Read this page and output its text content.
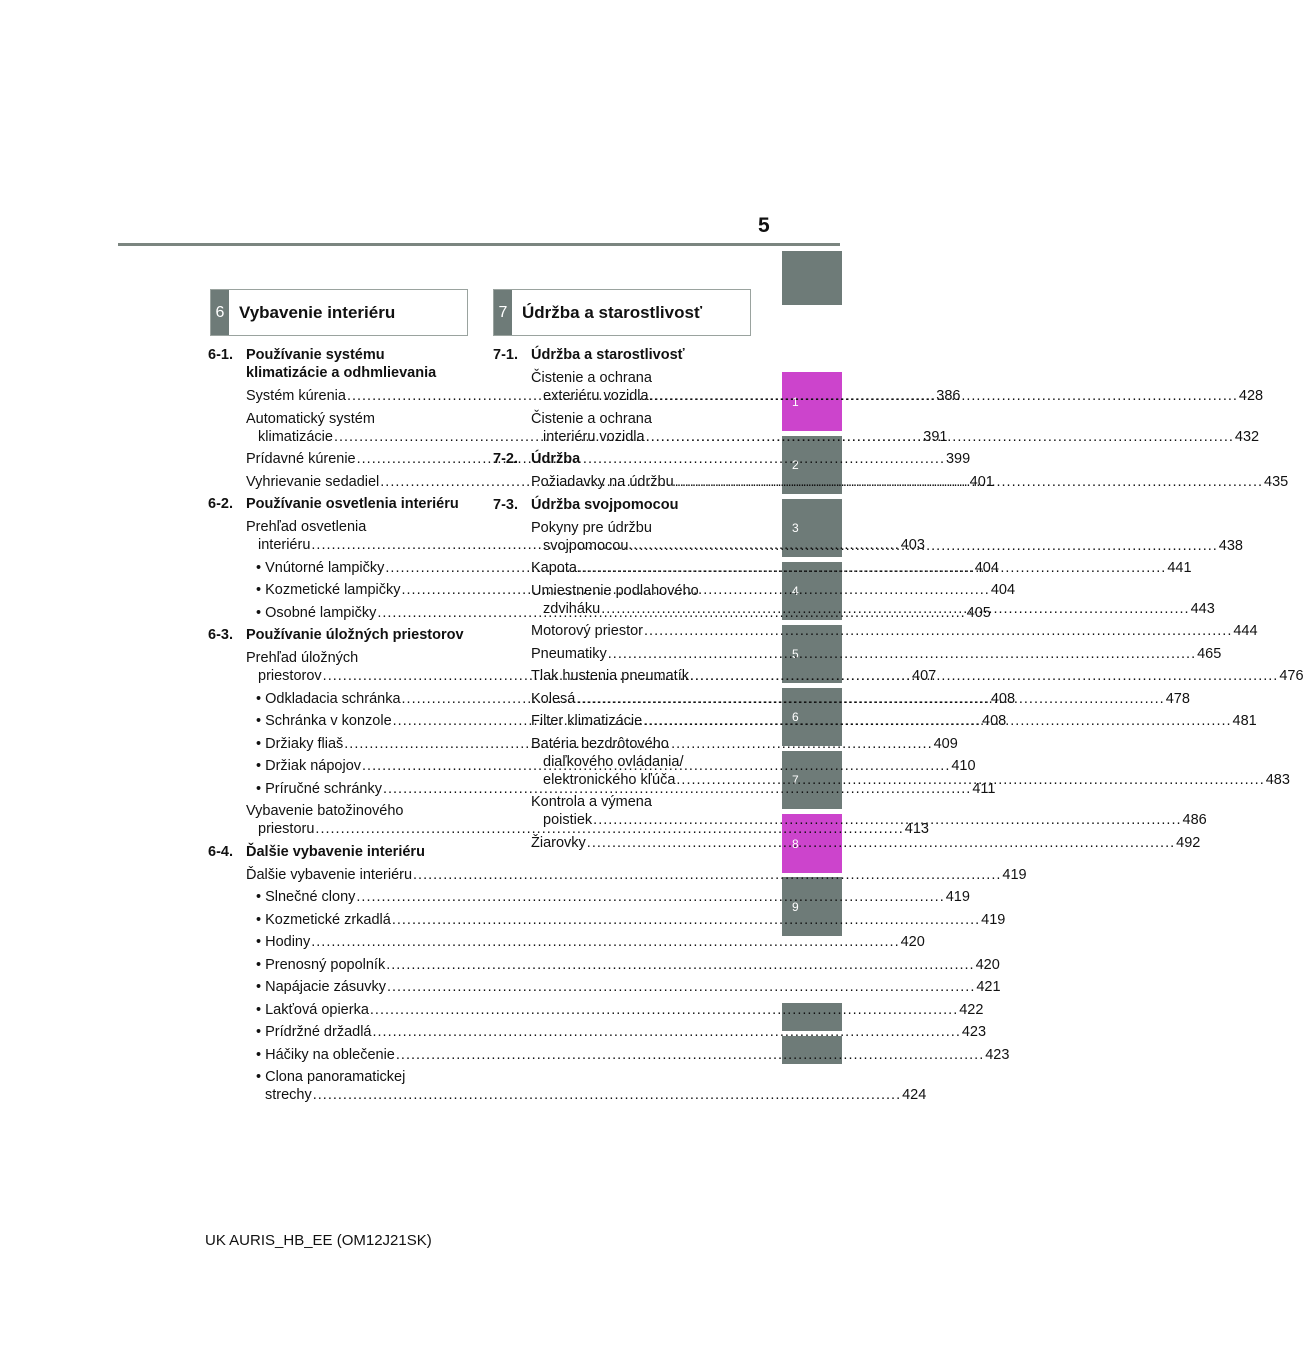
5
1
2
3
4
5
6
7
8
9
6 Vybavenie interiéru	7 Údržba a starostlivosť
6-1. Používanie systému klimatizácie a odhmlievania
Systém kúrenia .....	386
Automatický systém
klimatizácie .....	391
Prídavné kúrenie .....	399
Vyhrievanie sedadiel .....	401
6-2. Používanie osvetlenia interiéru
Prehľad osvetlenia
interiéru .....	403
• Vnútorné lampičky .....	404
• Kozmetické lampičky .....	404
• Osobné lampičky .....	405
6-3. Používanie úložných priestorov
Prehľad úložných
priestorov .....	407
• Odkladacia schránka .....	408
• Schránka v konzole .....	408
• Držiaky fliaš .....	409
• Držiak nápojov .....	410
• Príručné schránky .....	411
Vybavenie batožinového
priestoru .....	413
6-4. Ďalšie vybavenie interiéru
Ďalšie vybavenie interiéru .....	419
• Slnečné clony .....	419
• Kozmetické zrkadlá .....	419
• Hodiny .....	420
• Prenosný popolník .....	420
• Napájacie zásuvky .....	421
• Lakťová opierka .....	422
• Prídržné držadlá .....	423
• Háčiky na oblečenie .....	423
• Clona panoramatickej
strechy .....	424
7-1. Údržba a starostlivosť
Čistenie a ochrana
exteriéru vozidla .....	428
Čistenie a ochrana
interiéru vozidla .....	432
7-2. Údržba
Požiadavky na údržbu .....	435
7-3. Údržba svojpomocou
Pokyny pre údržbu
svojpomocou .....	438
Kapota .....	441
Umiestnenie podlahového
zdviháku .....	443
Motorový priestor .....	444
Pneumatiky .....	465
Tlak hustenia pneumatík .....	476
Kolesá .....	478
Filter klimatizácie .....	481
Batéria bezdrôtového
diaľkového ovládania/
elektronického kľúča .....	483
Kontrola a výmena
poistiek .....	486
Žiarovky .....	492
UK AURIS_HB_EE (OM12J21SK)
